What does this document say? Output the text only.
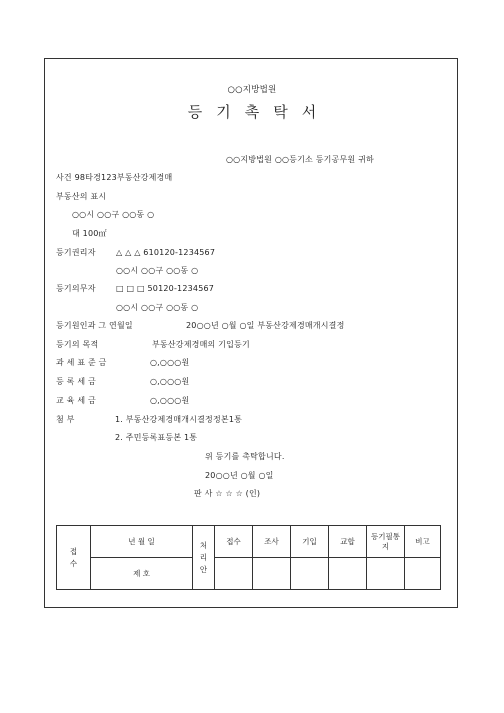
○○지방법원
등기촉탁서
○○지방법원 ○○등기소 등기공무원 귀하
사건 98타경123부동산강제경매
부동산의 표시
○○시 ○○구 ○○동 ○
대 100㎡
등기권리자	△ △ △ 610120-1234567
○○시 ○○구 ○○동 ○
등기의무자	□ □ □ 50120-1234567
○○시 ○○구 ○○동 ○
등기원인과 그 연월일	20○○년 ○월 ○일 부동산강제경매개시결정
등기의 목적	부동산강제경매의 기입등기
과 세 표 준 금	○,○○○원
등 록 세 금	○,○○○원
교 육 세 금	○,○○○원
첨 부	1. 부동산강제경매개시결정정본1통
2. 주민등록표등본 1통
위 등기를 촉탁합니다.
20○○년 ○월 ○일
판 사 ☆ ☆ ☆ (인)
접수	년 월 일	처리안	접수	조사	기입	교합	등기필통 지	비고
	제 호							
